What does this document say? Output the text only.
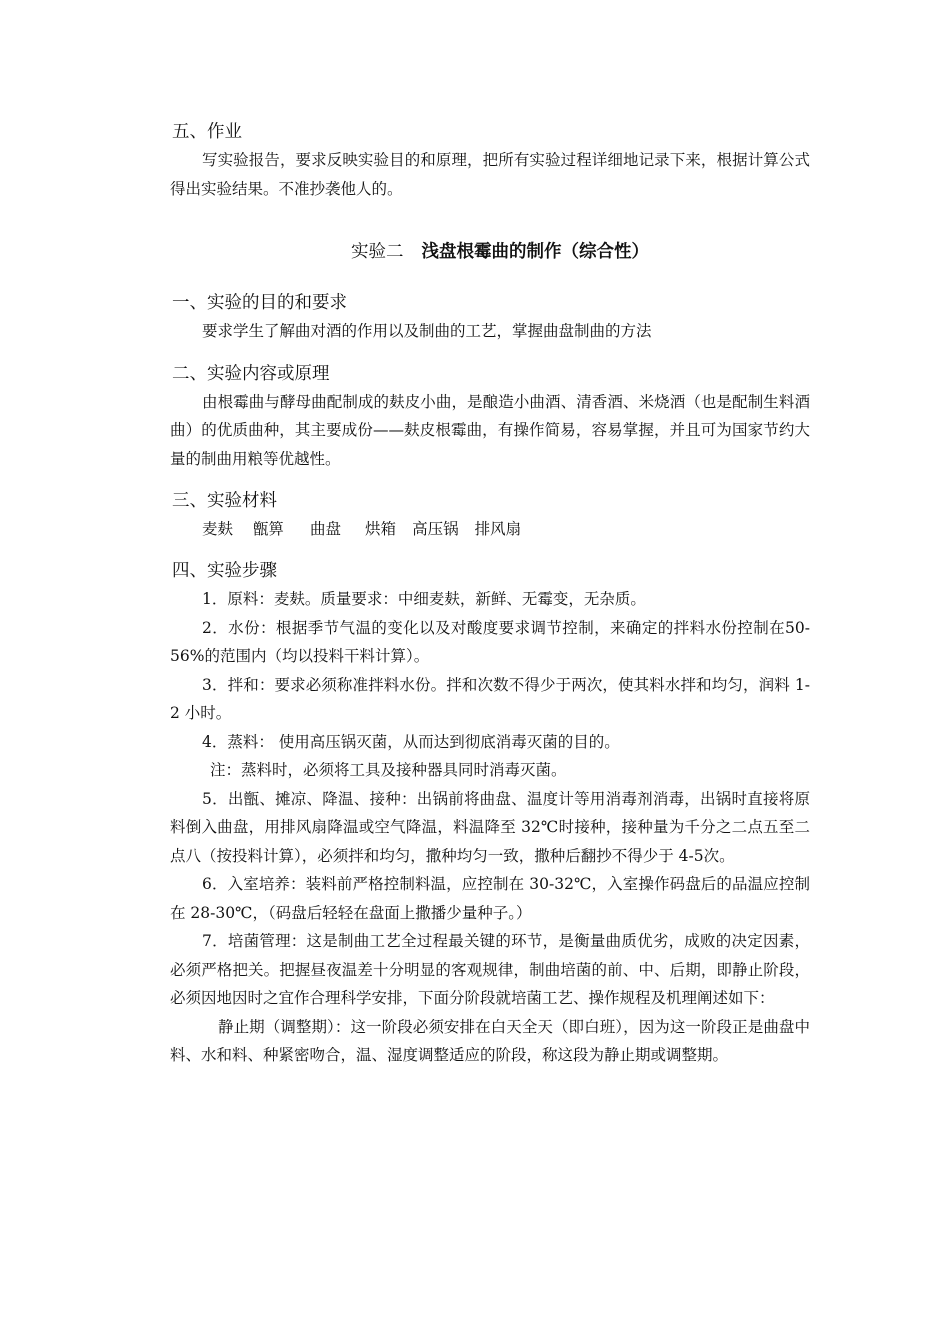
五、作业

写实验报告，要求反映实验目的和原理，把所有实验过程详细地记录下来，根据计算公式得出实验结果。不准抄袭他人的。

实验二 浅盘根霉曲的制作（综合性）

一、实验的目的和要求

要求学生了解曲对酒的作用以及制曲的工艺，掌握曲盘制曲的方法

二、实验内容或原理

由根霉曲与酵母曲配制成的麸皮小曲，是酿造小曲酒、清香酒、米烧酒（也是配制生料酒曲）的优质曲种，其主要成份——麸皮根霉曲，有操作简易，容易掌握，并且可为国家节约大量的制曲用粮等优越性。

三、实验材料

麦麸 甑箅 曲盘 烘箱 高压锅 排风扇

四、实验步骤

1．原料：麦麸。质量要求：中细麦麸，新鲜、无霉变，无杂质。

2．水份：根据季节气温的变化以及对酸度要求调节控制，来确定的拌料水份控制在50-56%的范围内（均以投料干料计算）。

3．拌和：要求必须称准拌料水份。拌和次数不得少于两次，使其料水拌和均匀，润料 1-2 小时。

4．蒸料： 使用高压锅灭菌，从而达到彻底消毒灭菌的目的。

注：蒸料时，必须将工具及接种器具同时消毒灭菌。

5．出甑、摊凉、降温、接种：出锅前将曲盘、温度计等用消毒剂消毒，出锅时直接将原料倒入曲盘，用排风扇降温或空气降温，料温降至 32℃时接种，接种量为千分之二点五至二点八（按投料计算），必须拌和均匀，撒种均匀一致，撒种后翻抄不得少于 4-5次。

6．入室培养：装料前严格控制料温，应控制在 30-32℃，入室操作码盘后的品温应控制在 28-30℃，（码盘后轻轻在盘面上撒播少量种子。）

7．培菌管理：这是制曲工艺全过程最关键的环节，是衡量曲质优劣，成败的决定因素，必须严格把关。把握昼夜温差十分明显的客观规律，制曲培菌的前、中、后期，即静止阶段，必须因地因时之宜作合理科学安排，下面分阶段就培菌工艺、操作规程及机理阐述如下：

静止期（调整期）：这一阶段必须安排在白天全天（即白班），因为这一阶段正是曲盘中料、水和料、种紧密吻合，温、湿度调整适应的阶段，称这段为静止期或调整期。
